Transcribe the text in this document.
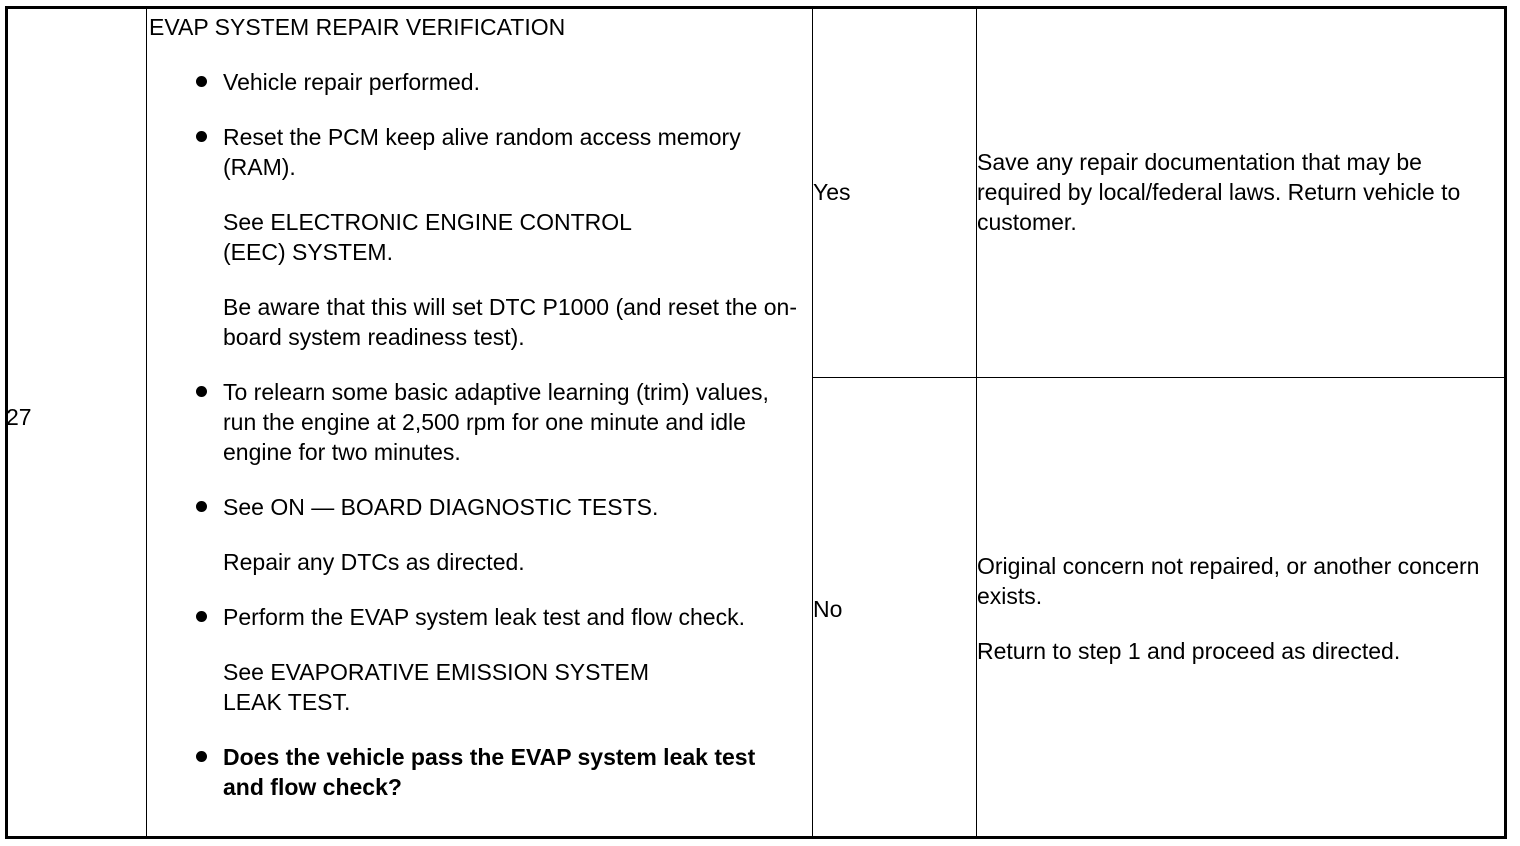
27

EVAP SYSTEM REPAIR VERIFICATION

Vehicle repair performed.
Reset the PCM keep alive random access memory (RAM).
See ELECTRONIC ENGINE CONTROL (EEC) SYSTEM.
Be aware that this will set DTC P1000 (and reset the on-board system readiness test).
To relearn some basic adaptive learning (trim) values, run the engine at 2,500 rpm for one minute and idle engine for two minutes.
See ON — BOARD DIAGNOSTIC TESTS.
Repair any DTCs as directed.
Perform the EVAP system leak test and flow check.
See EVAPORATIVE EMISSION SYSTEM LEAK TEST.
Does the vehicle pass the EVAP system leak test and flow check?
Yes

Save any repair documentation that may be required by local/federal laws. Return vehicle to customer.

No

Original concern not repaired, or another concern exists.

Return to step 1 and proceed as directed.
